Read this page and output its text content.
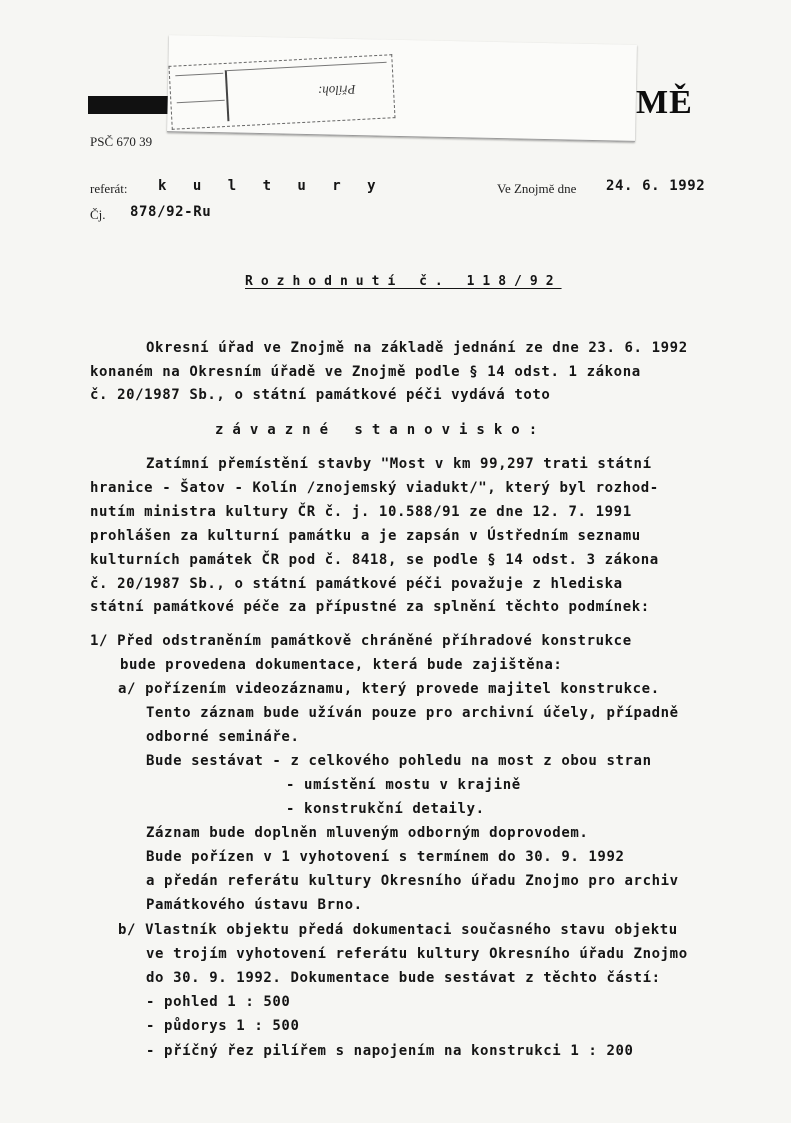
MĚ
Příloh:
PSČ 670 39
referát: k u l t u r y	Ve Znojmě dne 24. 6. 1992
Čj. 878/92-Ru
Rozhodnutí č. 118/92
Okresní úřad ve Znojmě na základě jednání ze dne 23. 6. 1992
konaném na Okresním úřadě ve Znojmě podle § 14 odst. 1 zákona
č. 20/1987 Sb., o státní památkové péči vydává toto
závazné stanovisko:
Zatímní přemístění stavby "Most v km 99,297 trati státní
hranice - Šatov - Kolín /znojemský viadukt/", který byl rozhod-
nutím ministra kultury ČR č. j. 10.588/91 ze dne 12. 7. 1991
prohlášen za kulturní památku a je zapsán v Ústředním seznamu
kulturních památek ČR pod č. 8418, se podle § 14 odst. 3 zákona
č. 20/1987 Sb., o státní památkové péči považuje z hlediska
státní památkové péče za přípustné za splnění těchto podmínek:
1/ Před odstraněním památkově chráněné příhradové konstrukce
bude provedena dokumentace, která bude zajištěna:
a/ pořízením videozáznamu, který provede majitel konstrukce.
Tento záznam bude užíván pouze pro archivní účely, případně
odborné semináře.
Bude sestávat - z celkového pohledu na most z obou stran
- umístění mostu v krajině
- konstrukční detaily.
Záznam bude doplněn mluveným odborným doprovodem.
Bude pořízen v 1 vyhotovení s termínem do 30. 9. 1992
a předán referátu kultury Okresního úřadu Znojmo pro archiv
Památkového ústavu Brno.
b/ Vlastník objektu předá dokumentaci současného stavu objektu
ve trojím vyhotovení referátu kultury Okresního úřadu Znojmo
do 30. 9. 1992. Dokumentace bude sestávat z těchto částí:
- pohled 1 : 500
- půdorys 1 : 500
- příčný řez pilířem s napojením na konstrukci 1 : 200
